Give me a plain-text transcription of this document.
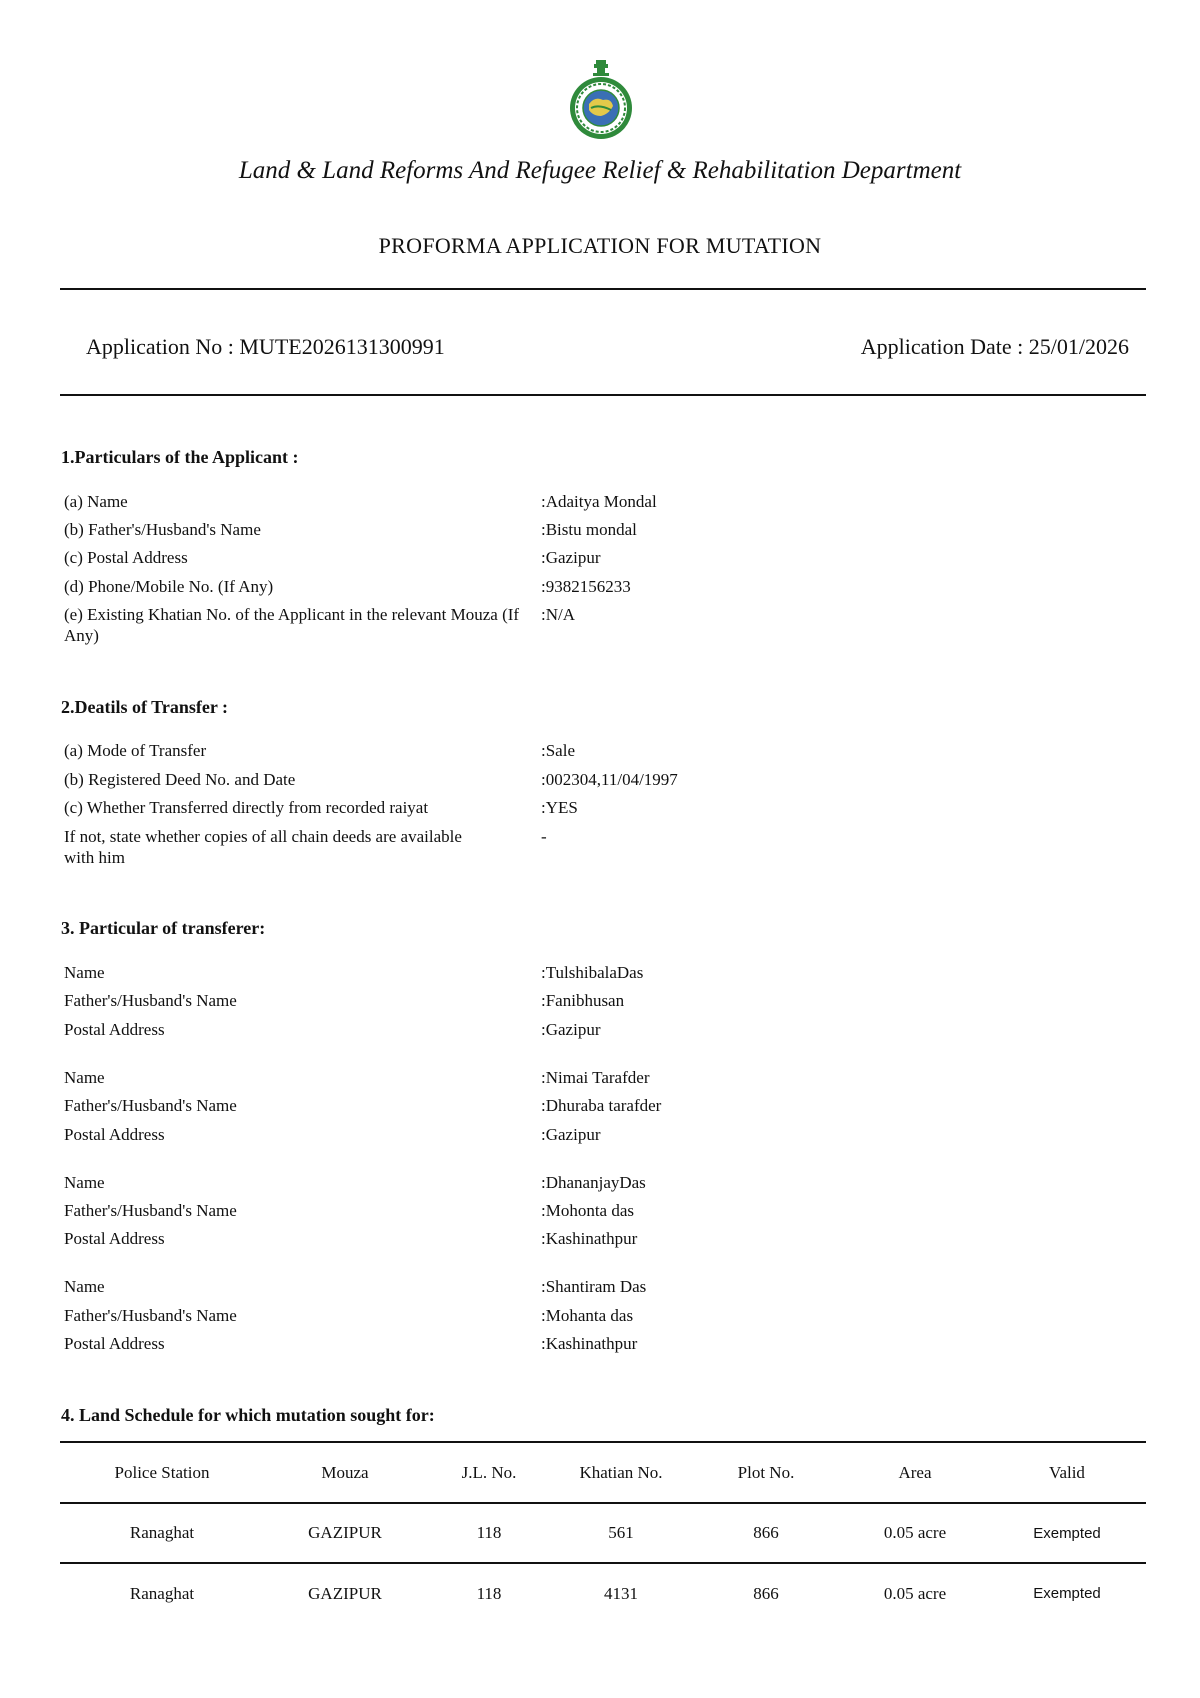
Land & Land Reforms And Refugee Relief & Rehabilitation Department
PROFORMA APPLICATION FOR MUTATION
Application No : MUTE2026131300991	Application Date : 25/01/2026
1.Particulars of the Applicant :
(a) Name	:Adaitya Mondal
(b) Father's/Husband's Name	:Bistu mondal
(c) Postal Address	:Gazipur
(d) Phone/Mobile No. (If Any)	:9382156233
(e) Existing Khatian No. of the Applicant in the relevant Mouza (If Any)
:N/A
2.Deatils of Transfer :
(a) Mode of Transfer	:Sale
(b) Registered Deed No. and Date	:002304,11/04/1997
(c) Whether Transferred directly from recorded raiyat	:YES
If not, state whether copies of all chain deeds are available with him
-
3. Particular of transferer:
Name	:TulshibalaDas
Father's/Husband's Name	:Fanibhusan
Postal Address	:Gazipur
Name	:Nimai Tarafder
Father's/Husband's Name	:Dhuraba tarafder
Postal Address	:Gazipur
Name	:DhananjayDas
Father's/Husband's Name	:Mohonta das
Postal Address	:Kashinathpur
Name	:Shantiram Das
Father's/Husband's Name	:Mohanta das
Postal Address	:Kashinathpur
4. Land Schedule for which mutation sought for:
Police Station	Mouza	J.L. No.	Khatian No.	Plot No.	Area	Valid
Ranaghat	GAZIPUR	118	561	866	0.05 acre	Exempted
Ranaghat	GAZIPUR	118	4131	866	0.05 acre	Exempted
